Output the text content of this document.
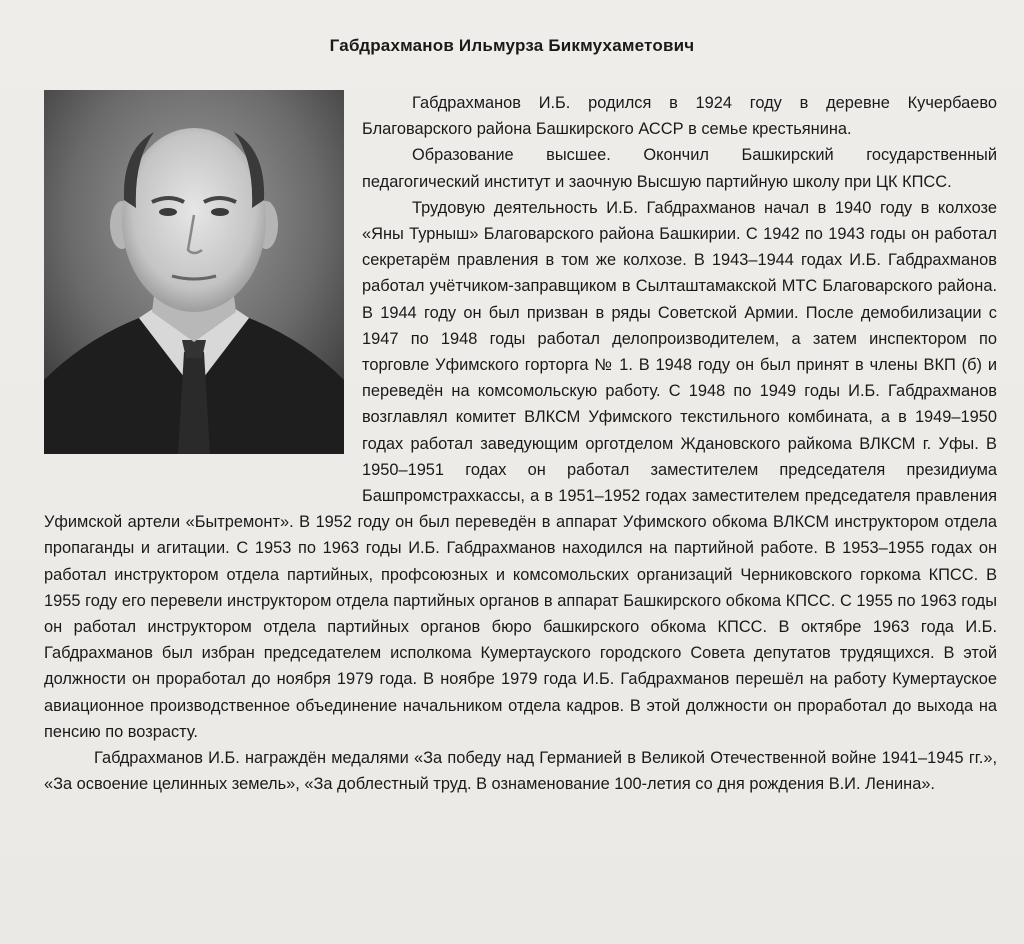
Габдрахманов Ильмурза Бикмухаметович

Габдрахманов И.Б. родился в 1924 году в деревне Кучербаево Благоварского района Башкирского АССР в семье крестьянина.

Образование высшее. Окончил Башкирский государственный педагогический институт и заочную Высшую партийную школу при ЦК КПСС.

Трудовую деятельность И.Б. Габдрахманов начал в 1940 году в колхозе «Яны Турныш» Благоварского района Башкирии. С 1942 по 1943 годы он работал секретарём правления в том же колхозе. В 1943–1944 годах И.Б. Габдрахманов работал учётчиком-заправщиком в Сылташтамакской МТС Благоварского района. В 1944 году он был призван в ряды Советской Армии. После демобилизации с 1947 по 1948 годы работал делопроизводителем, а затем инспектором по торговле Уфимского горторга № 1. В 1948 году он был принят в члены ВКП (б) и переведён на комсомольскую работу. С 1948 по 1949 годы И.Б. Габдрахманов возглавлял комитет ВЛКСМ Уфимского текстильного комбината, а в 1949–1950 годах работал заведующим орготделом Ждановского райкома ВЛКСМ г. Уфы. В 1950–1951 годах он работал заместителем председателя президиума Башпромстрахкассы, а в 1951–1952 годах заместителем председателя правления Уфимской артели «Бытремонт». В 1952 году он был переведён в аппарат Уфимского обкома ВЛКСМ инструктором отдела пропаганды и агитации. С 1953 по 1963 годы И.Б. Габдрахманов находился на партийной работе. В 1953–1955 годах он работал инструктором отдела партийных, профсоюзных и комсомольских организаций Черниковского горкома КПСС. В 1955 году его перевели инструктором отдела партийных органов в аппарат Башкирского обкома КПСС. С 1955 по 1963 годы он работал инструктором отдела партийных органов бюро башкирского обкома КПСС. В октябре 1963 года И.Б. Габдрахманов был избран председателем исполкома Кумертауского городского Совета депутатов трудящихся. В этой должности он проработал до ноября 1979 года. В ноябре 1979 года И.Б. Габдрахманов перешёл на работу Кумертауское авиационное производственное объединение начальником отдела кадров. В этой должности он проработал до выхода на пенсию по возрасту.

Габдрахманов И.Б. награждён медалями «За победу над Германией в Великой Отечественной войне 1941–1945 гг.», «За освоение целинных земель», «За доблестный труд. В ознаменование 100-летия со дня рождения В.И. Ленина».
